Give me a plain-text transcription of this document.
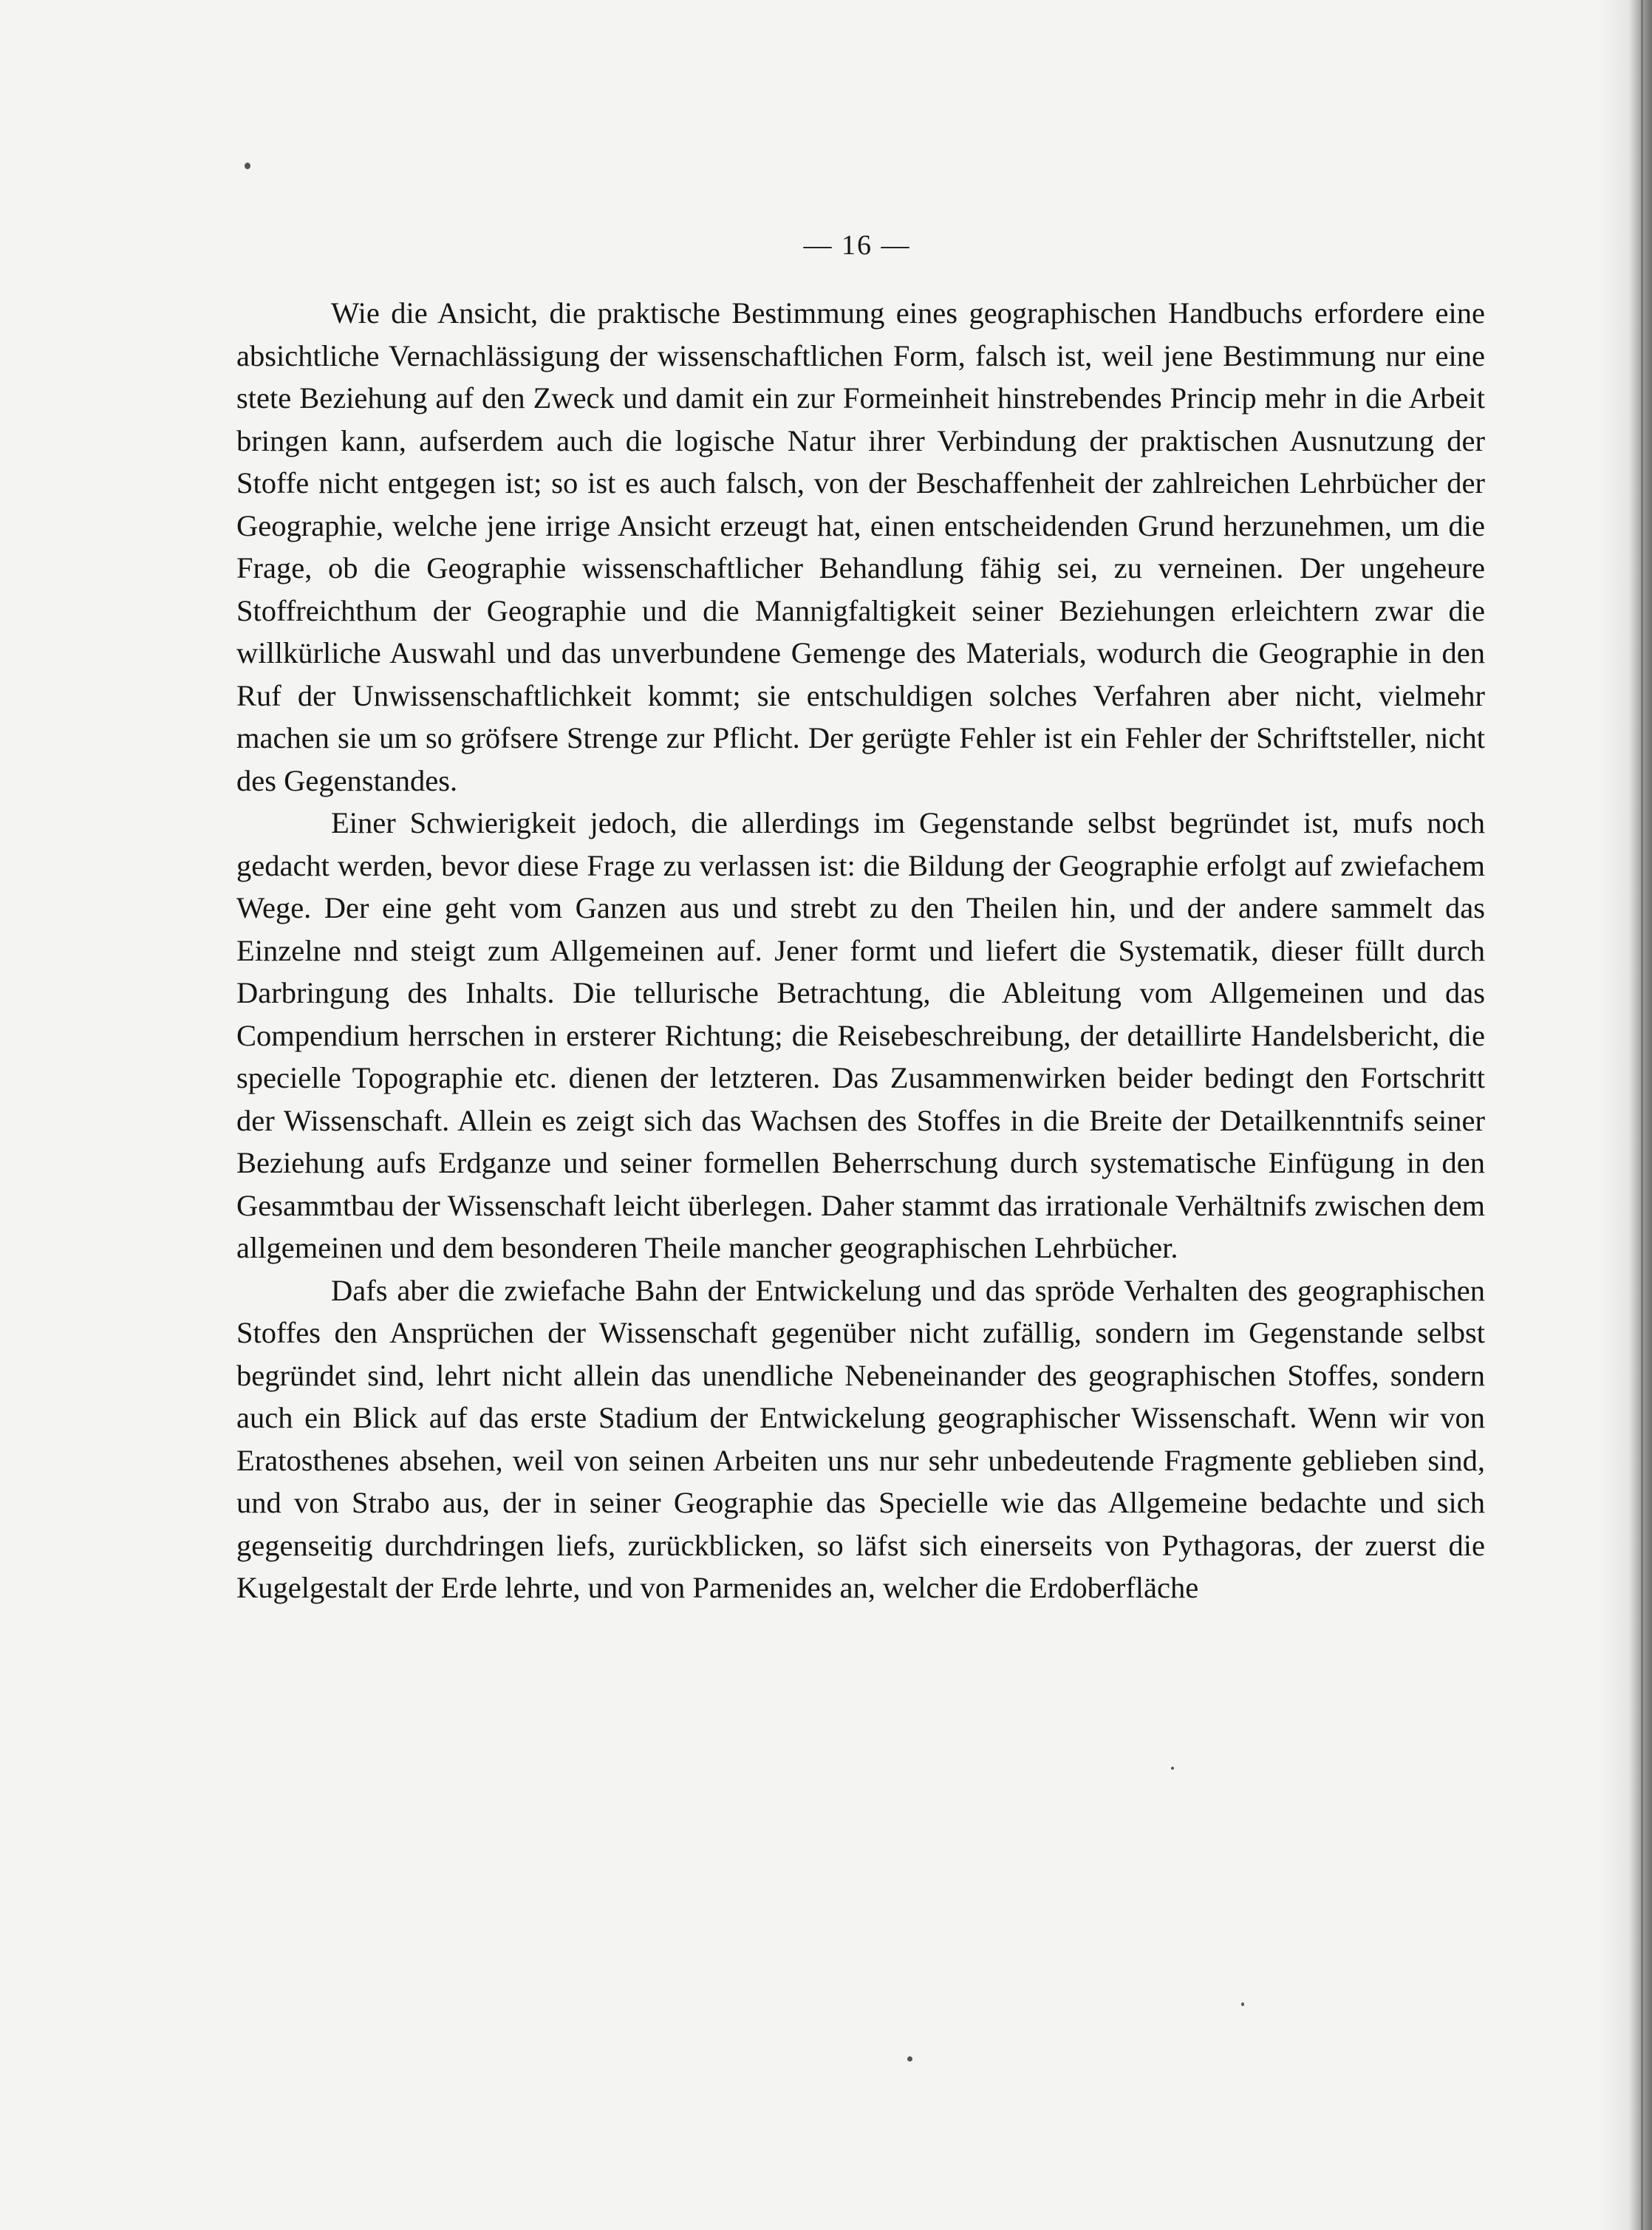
— 16 —

Wie die Ansicht, die praktische Bestimmung eines geographischen Handbuchs erfordere eine absichtliche Vernachlässigung der wissenschaftlichen Form, falsch ist, weil jene Bestimmung nur eine stete Beziehung auf den Zweck und damit ein zur Formeinheit hinstrebendes Princip mehr in die Arbeit bringen kann, aufserdem auch die logische Natur ihrer Verbindung der praktischen Ausnutzung der Stoffe nicht entgegen ist; so ist es auch falsch, von der Beschaffenheit der zahlreichen Lehrbücher der Geographie, welche jene irrige Ansicht erzeugt hat, einen entscheidenden Grund herzunehmen, um die Frage, ob die Geographie wissenschaftlicher Behandlung fähig sei, zu verneinen. Der ungeheure Stoffreichthum der Geographie und die Mannigfaltigkeit seiner Beziehungen erleichtern zwar die willkürliche Auswahl und das unverbundene Gemenge des Materials, wodurch die Geographie in den Ruf der Unwissenschaftlichkeit kommt; sie entschuldigen solches Verfahren aber nicht, vielmehr machen sie um so gröfsere Strenge zur Pflicht. Der gerügte Fehler ist ein Fehler der Schriftsteller, nicht des Gegenstandes.

Einer Schwierigkeit jedoch, die allerdings im Gegenstande selbst begründet ist, mufs noch gedacht werden, bevor diese Frage zu verlassen ist: die Bildung der Geographie erfolgt auf zwiefachem Wege. Der eine geht vom Ganzen aus und strebt zu den Theilen hin, und der andere sammelt das Einzelne nnd steigt zum Allgemeinen auf. Jener formt und liefert die Systematik, dieser füllt durch Darbringung des Inhalts. Die tellurische Betrachtung, die Ableitung vom Allgemeinen und das Compendium herrschen in ersterer Richtung; die Reisebeschreibung, der detaillirte Handelsbericht, die specielle Topographie etc. dienen der letzteren. Das Zusammenwirken beider bedingt den Fortschritt der Wissenschaft. Allein es zeigt sich das Wachsen des Stoffes in die Breite der Detailkenntnifs seiner Beziehung aufs Erdganze und seiner formellen Beherrschung durch systematische Einfügung in den Gesammtbau der Wissenschaft leicht überlegen. Daher stammt das irrationale Verhältnifs zwischen dem allgemeinen und dem besonderen Theile mancher geographischen Lehrbücher.

Dafs aber die zwiefache Bahn der Entwickelung und das spröde Verhalten des geographischen Stoffes den Ansprüchen der Wissenschaft gegenüber nicht zufällig, sondern im Gegenstande selbst begründet sind, lehrt nicht allein das unendliche Nebeneinander des geographischen Stoffes, sondern auch ein Blick auf das erste Stadium der Entwickelung geographischer Wissenschaft. Wenn wir von Eratosthenes absehen, weil von seinen Arbeiten uns nur sehr unbedeutende Fragmente geblieben sind, und von Strabo aus, der in seiner Geographie das Specielle wie das Allgemeine bedachte und sich gegenseitig durchdringen liefs, zurückblicken, so läfst sich einerseits von Pythagoras, der zuerst die Kugelgestalt der Erde lehrte, und von Parmenides an, welcher die Erdoberfläche
